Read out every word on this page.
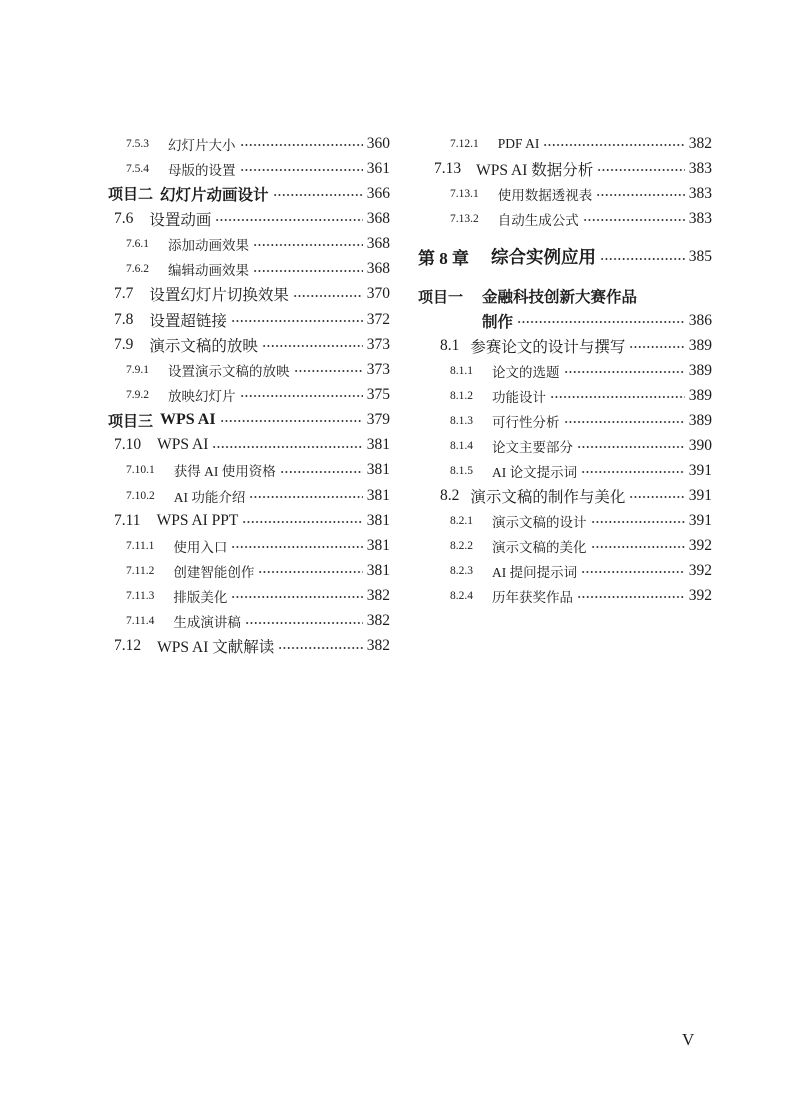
7.5.3 幻灯片大小	360
7.5.4 母版的设置	361
项目二 幻灯片动画设计	366
7.6 设置动画	368
7.6.1 添加动画效果	368
7.6.2 编辑动画效果	368
7.7 设置幻灯片切换效果	370
7.8 设置超链接	372
7.9 演示文稿的放映	373
7.9.1 设置演示文稿的放映	373
7.9.2 放映幻灯片	375
项目三 WPS AI	379
7.10 WPS AI	381
7.10.1 获得 AI 使用资格	381
7.10.2 AI 功能介绍	381
7.11 WPS AI PPT	381
7.11.1 使用入口	381
7.11.2 创建智能创作	381
7.11.3 排版美化	382
7.11.4 生成演讲稿	382
7.12 WPS AI 文献解读	382
7.12.1 PDF AI	382
7.13 WPS AI 数据分析	383
7.13.1 使用数据透视表	383
7.13.2 自动生成公式	383
第 8 章 综合实例应用	385
项目一 金融科技创新大赛作品
制作	386
8.1 参赛论文的设计与撰写	389
8.1.1 论文的选题	389
8.1.2 功能设计	389
8.1.3 可行性分析	389
8.1.4 论文主要部分	390
8.1.5 AI 论文提示词	391
8.2 演示文稿的制作与美化	391
8.2.1 演示文稿的设计	391
8.2.2 演示文稿的美化	392
8.2.3 AI 提问提示词	392
8.2.4 历年获奖作品	392
V
